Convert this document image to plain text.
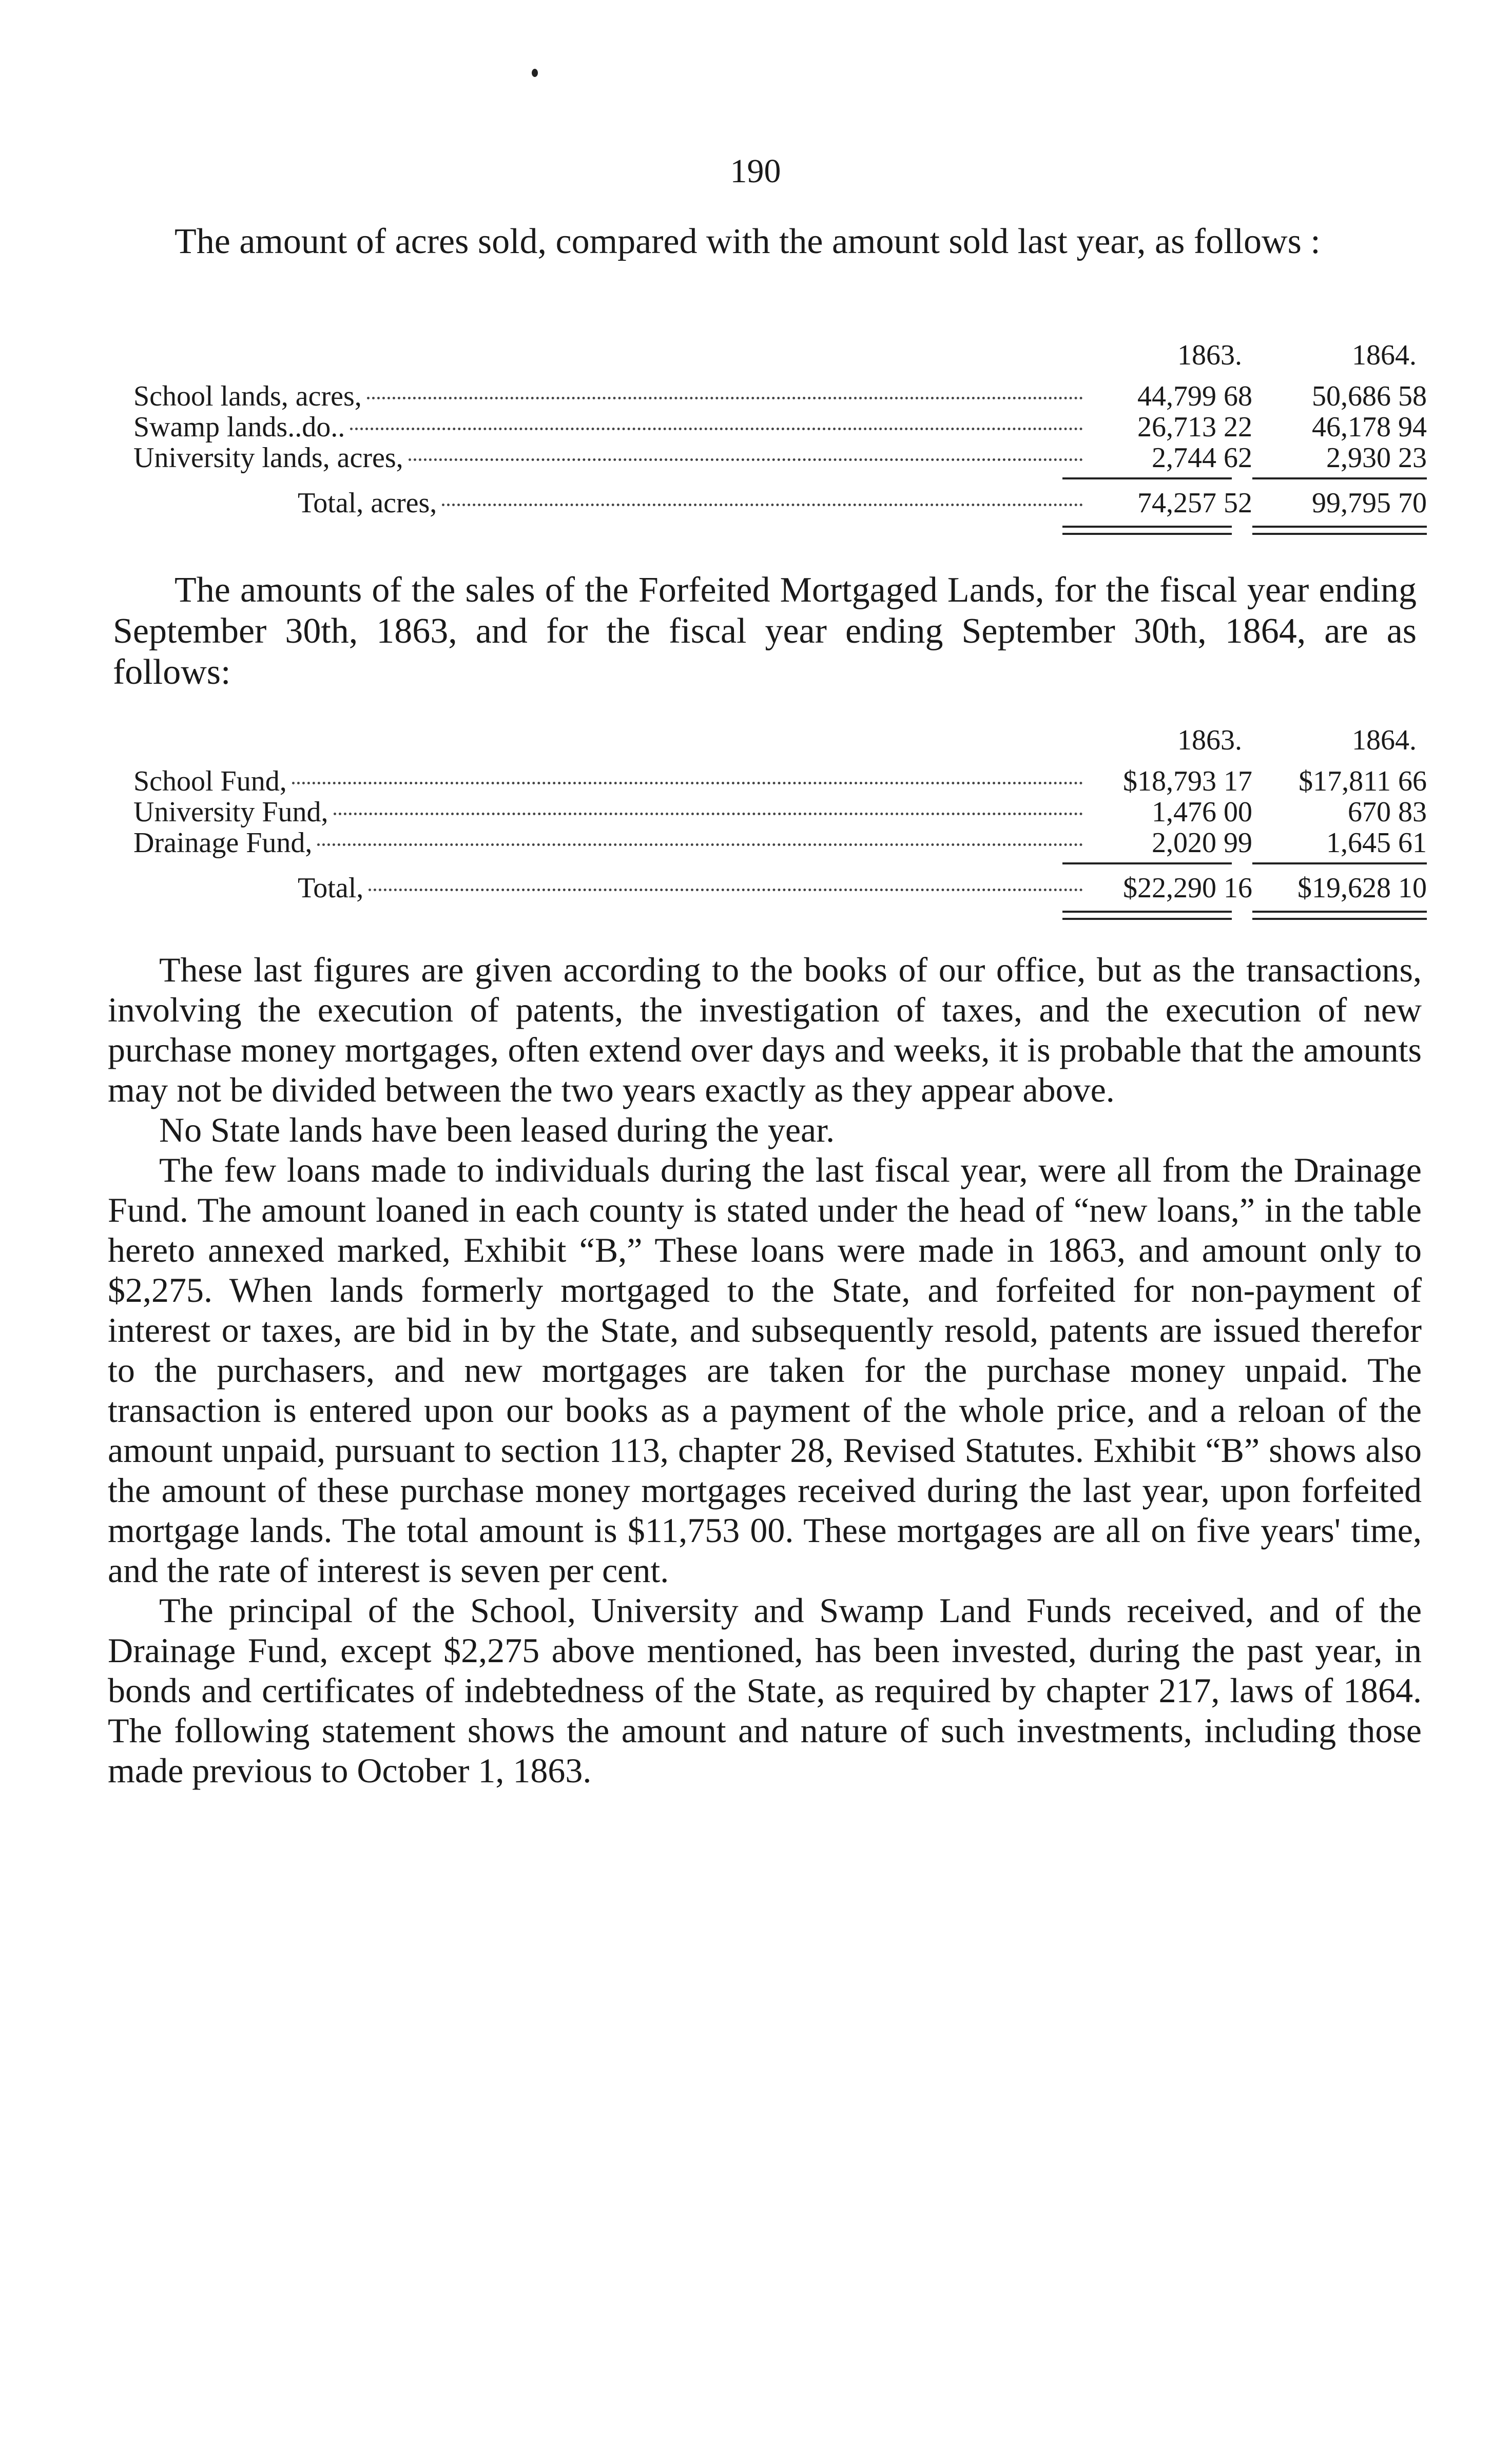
190
The amount of acres sold, compared with the amount sold last year, as follows :
1863.	1864.
School lands, acres,	44,799 68	50,686 58
Swamp lands..do..	26,713 22	46,178 94
University lands, acres,	2,744 62	2,930 23
Total, acres,	74,257 52	99,795 70
The amounts of the sales of the Forfeited Mortgaged Lands, for the fiscal year ending September 30th, 1863, and for the fiscal year ending September 30th, 1864, are as follows:
1863.	1864.
School Fund,	$18,793 17	$17,811 66
University Fund,	1,476 00	670 83
Drainage Fund,	2,020 99	1,645 61
Total,	$22,290 16	$19,628 10

These last figures are given according to the books of our office, but as the transactions, involving the execution of patents, the investigation of taxes, and the execution of new purchase money mortgages, often extend over days and weeks, it is probable that the amounts may not be divided between the two years exactly as they appear above.

No State lands have been leased during the year.

The few loans made to individuals during the last fiscal year, were all from the Drainage Fund. The amount loaned in each county is stated under the head of “new loans,” in the table hereto annexed marked, Exhibit “B,” These loans were made in 1863, and amount only to $2,275. When lands formerly mortgaged to the State, and forfeited for non-payment of interest or taxes, are bid in by the State, and subsequently resold, patents are issued therefor to the purchasers, and new mortgages are taken for the purchase money unpaid. The transaction is entered upon our books as a payment of the whole price, and a reloan of the amount unpaid, pursuant to section 113, chapter 28, Revised Statutes. Exhibit “B” shows also the amount of these purchase money mortgages received during the last year, upon forfeited mortgage lands. The total amount is $11,753 00. These mortgages are all on five years' time, and the rate of interest is seven per cent.

The principal of the School, University and Swamp Land Funds received, and of the Drainage Fund, except $2,275 above mentioned, has been invested, during the past year, in bonds and certificates of indebtedness of the State, as required by chapter 217, laws of 1864. The following statement shows the amount and nature of such investments, including those made previous to October 1, 1863.
